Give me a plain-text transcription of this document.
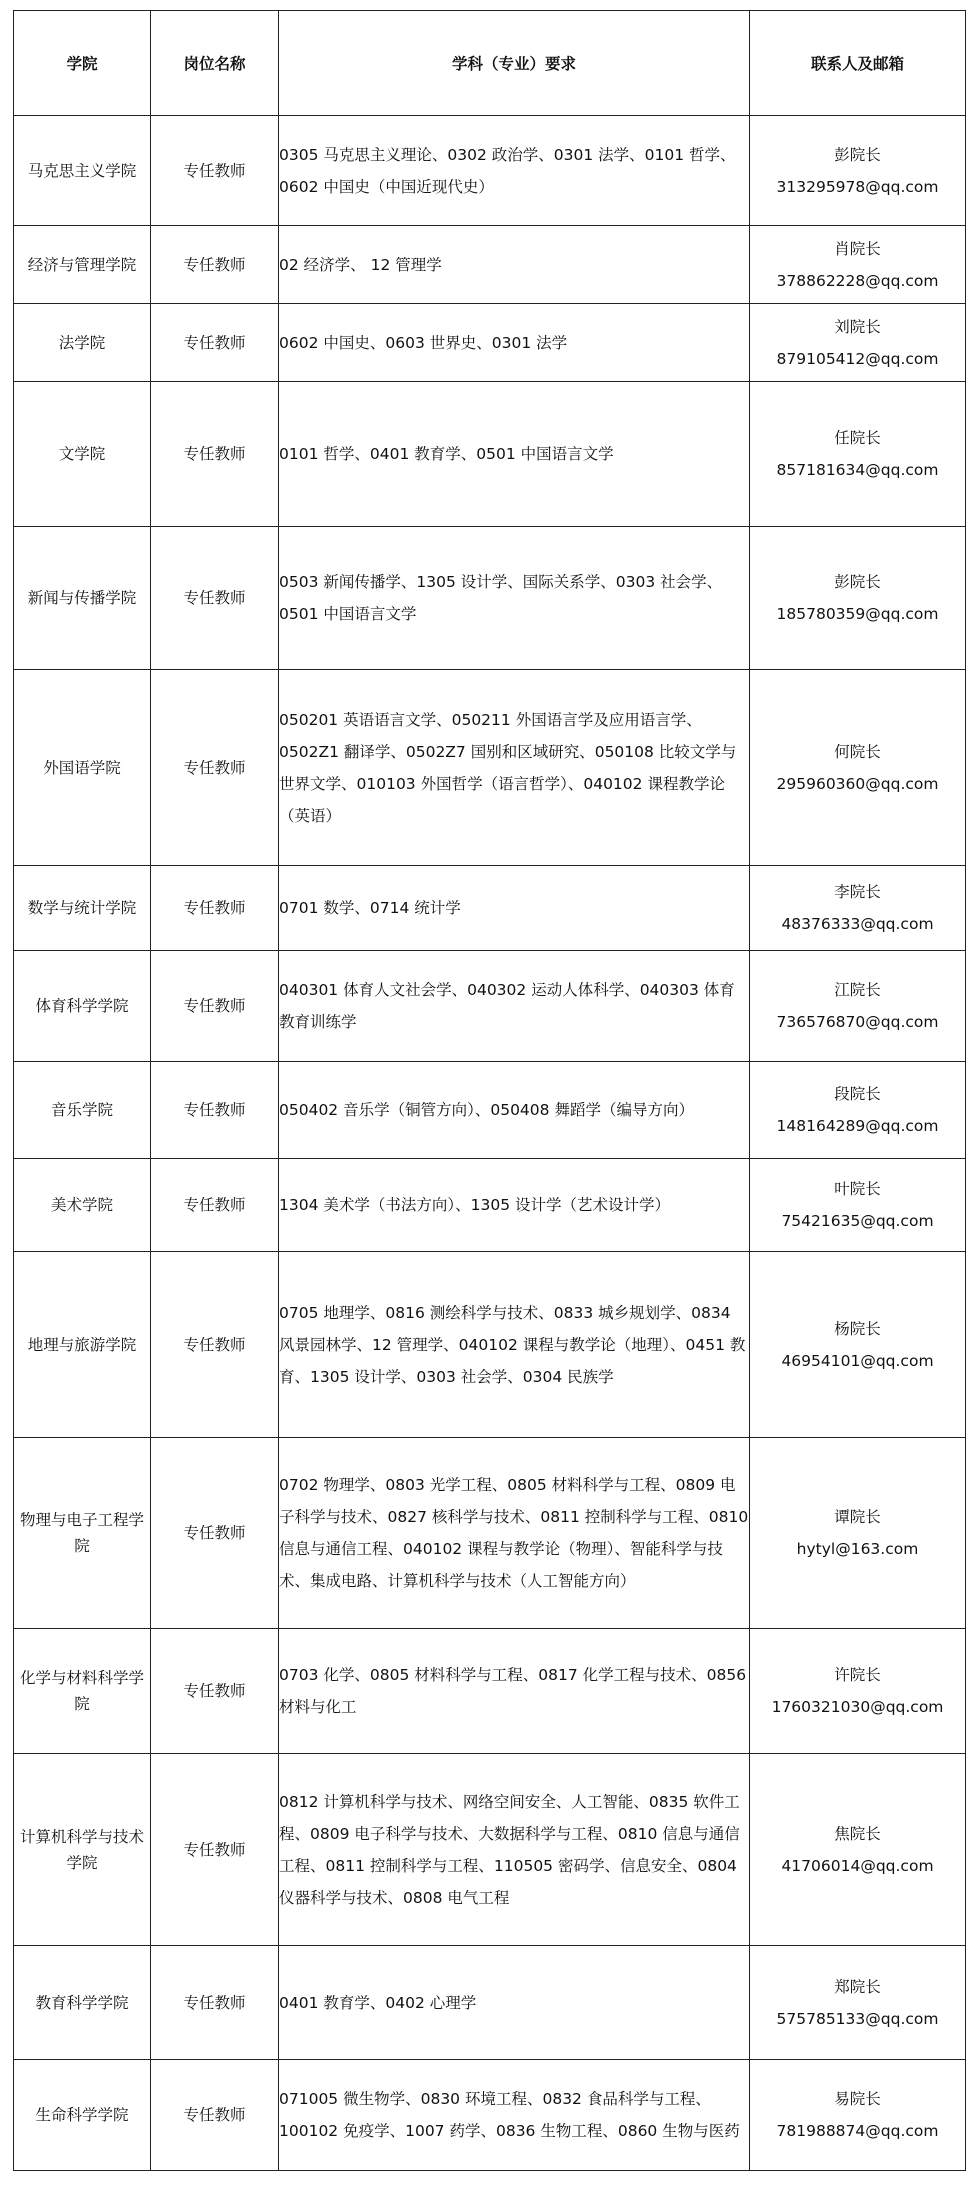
学院	岗位名称	学科（专业）要求	联系人及邮箱
马克思主义学院	专任教师	0305 马克思主义理论、0302 政治学、0301 法学、0101 哲学、0602 中国史（中国近现代史）	彭院长
313295978@qq.com

经济与管理学院	专任教师	02 经济学、 12 管理学	肖院长
378862228@qq.com

法学院	专任教师	0602 中国史、0603 世界史、0301 法学	刘院长
879105412@qq.com

文学院	专任教师	0101 哲学、0401 教育学、0501 中国语言文学	任院长
857181634@qq.com

新闻与传播学院	专任教师	0503 新闻传播学、1305 设计学、国际关系学、0303 社会学、0501 中国语言文学	彭院长
185780359@qq.com

外国语学院	专任教师	050201 英语语言文学、050211 外国语言学及应用语言学、0502Z1 翻译学、0502Z7 国别和区域研究、050108 比较文学与世界文学、010103 外国哲学（语言哲学）、040102 课程教学论（英语）	何院长
295960360@qq.com

数学与统计学院	专任教师	0701 数学、0714 统计学	李院长
48376333@qq.com

体育科学学院	专任教师	040301 体育人文社会学、040302 运动人体科学、040303 体育教育训练学	江院长
736576870@qq.com

音乐学院	专任教师	050402 音乐学（铜管方向）、050408 舞蹈学（编导方向）	段院长
148164289@qq.com

美术学院	专任教师	1304 美术学（书法方向）、1305 设计学（艺术设计学）	叶院长
75421635@qq.com

地理与旅游学院	专任教师	0705 地理学、0816 测绘科学与技术、0833 城乡规划学、0834 风景园林学、12 管理学、040102 课程与教学论（地理）、0451 教育、1305 设计学、0303 社会学、0304 民族学	杨院长
46954101@qq.com

物理与电子工程学院	专任教师	0702 物理学、0803 光学工程、0805 材料科学与工程、0809 电子科学与技术、0827 核科学与技术、0811 控制科学与工程、0810 信息与通信工程、040102 课程与教学论（物理）、智能科学与技术、集成电路、计算机科学与技术（人工智能方向）	谭院长
hytyl@163.com

化学与材料科学学院	专任教师	0703 化学、0805 材料科学与工程、0817 化学工程与技术、0856 材料与化工	许院长
1760321030@qq.com

计算机科学与技术学院	专任教师	0812 计算机科学与技术、网络空间安全、人工智能、0835 软件工程、0809 电子科学与技术、大数据科学与工程、0810 信息与通信工程、0811 控制科学与工程、110505 密码学、信息安全、0804 仪器科学与技术、0808 电气工程	焦院长
41706014@qq.com

教育科学学院	专任教师	0401 教育学、0402 心理学	郑院长
575785133@qq.com

生命科学学院	专任教师	071005 微生物学、0830 环境工程、0832 食品科学与工程、100102 免疫学、1007 药学、0836 生物工程、0860 生物与医药	易院长
781988874@qq.com
